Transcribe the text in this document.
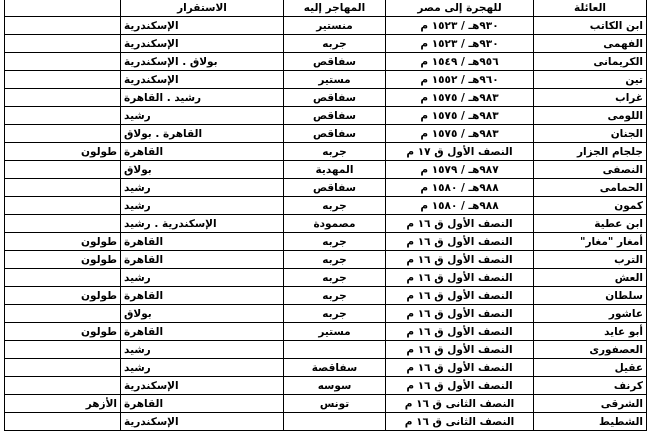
العائلة	للهجرة إلى مصر	المهاجر إليه	الاستقرار	
ابن الكاتب	٩٣٠هـ / ١٥٢٣ م	منستير	الإسكندرية	
الفهمى	٩٣٠هـ / ١٥٢٣ م	جربه	الإسكندرية	
الكريمانى	٩٥٦هـ / ١٥٤٩ م	سفاقص	بولاق . الإسكندرية	
تين	٩٦٠هـ / ١٥٥٢ م	مستير	الإسكندرية	
غراب	٩٨٣هـ / ١٥٧٥ م	سفاقص	رشيد . القاهرة	
اللومى	٩٨٣هـ / ١٥٧٥ م	سفاقص	رشيد	
الجنان	٩٨٣هـ / ١٥٧٥ م	سفاقص	القاهرة . بولاق	
جلجام الجزار	النصف الأول ق ١٧ م	جربه	القاهرة	طولون
النصفى	٩٨٧هـ / ١٥٧٩ م	المهدية	بولاق	
الحمامى	٩٨٨هـ / ١٥٨٠ م	سفاقص	رشيد	
كمون	٩٨٨هـ / ١٥٨٠ م	جربه	رشيد	
ابن عطية	النصف الأول ق ١٦ م	مصمودة	الإسكندرية . رشيد	
أمغار "مغار"	النصف الأول ق ١٦ م	جربه	القاهرة	طولون
الترب	النصف الأول ق ١٦ م	جربه	القاهرة	طولون
العش	النصف الأول ق ١٦ م	جربه	رشيد	
سلطان	النصف الأول ق ١٦ م	جربه	القاهرة	طولون
عاشور	النصف الأول ق ١٦ م	جربه	بولاق	
أبو عايد	النصف الأول ق ١٦ م	مستير	القاهرة	طولون
العصفورى	النصف الأول ق ١٦ م		رشيد	
عقيل	النصف الأول ق ١٦ م	سفاقصة	رشيد	
كرنف	النصف الأول ق ١٦ م	سوسه	الإسكندرية	
الشرقى	النصف الثانى ق ١٦ م	تونس	القاهرة	الأزهر
الشطيط	النصف الثانى ق ١٦ م		الإسكندرية	
